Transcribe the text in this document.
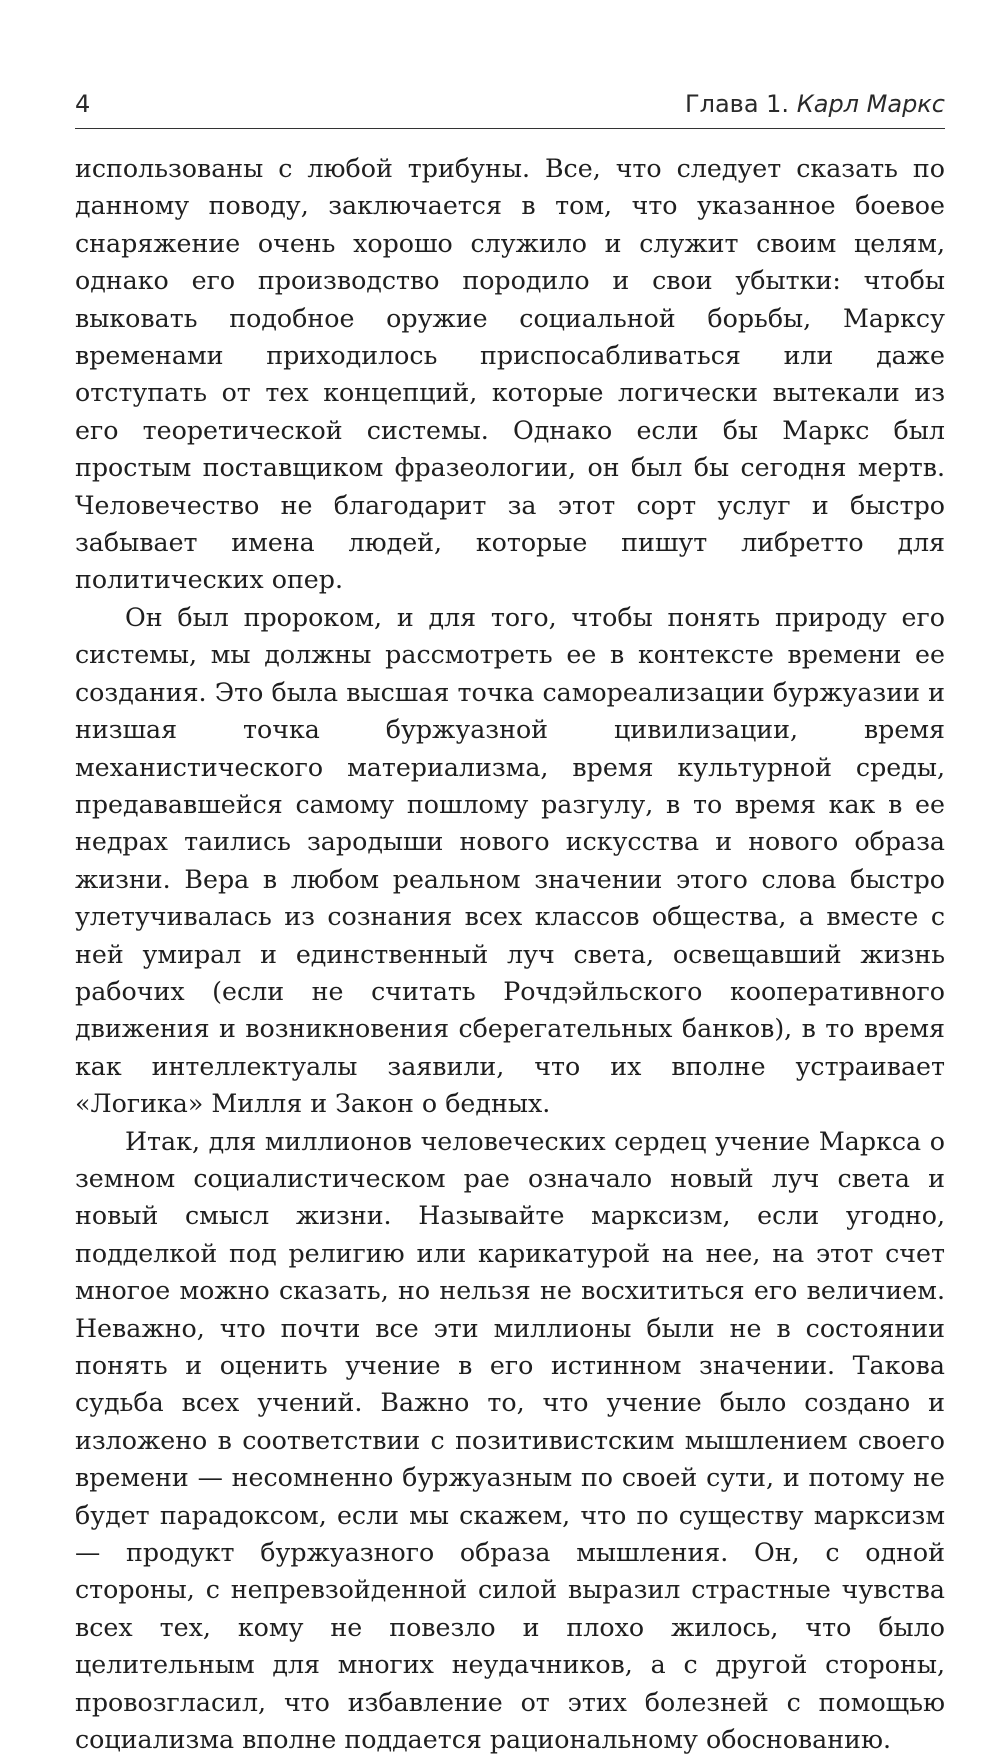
4	Глава 1. Карл Маркс

использованы с любой трибуны. Все, что следует сказать по данному поводу, заключается в том, что указанное боевое снаряжение очень хорошо служило и служит своим целям, однако его производство породило и свои убытки: чтобы выковать подобное оружие социальной борьбы, Марксу временами приходилось приспосабливаться или даже отступать от тех концепций, которые логически вытекали из его теоретической системы. Однако если бы Маркс был простым поставщиком фразеологии, он был бы сегодня мертв. Человечество не благодарит за этот сорт услуг и быстро забывает имена людей, которые пишут либретто для политических опер.

Он был пророком, и для того, чтобы понять природу его системы, мы должны рассмотреть ее в контексте времени ее создания. Это была высшая точка самореализации буржуазии и низшая точка буржуазной цивилизации, время механистического материализма, время культурной среды, предававшейся самому пошлому разгулу, в то время как в ее недрах таились зародыши нового искусства и нового образа жизни. Вера в любом реальном значении этого слова быстро улетучивалась из сознания всех классов общества, а вместе с ней умирал и единственный луч света, освещавший жизнь рабочих (если не считать Рочдэйльского кооперативного движения и возникновения сберегательных банков), в то время как интеллектуалы заявили, что их вполне устраивает «Логика» Милля и Закон о бедных.

Итак, для миллионов человеческих сердец учение Маркса о земном социалистическом рае означало новый луч света и новый смысл жизни. Называйте марксизм, если угодно, подделкой под религию или карикатурой на нее, на этот счет многое можно сказать, но нельзя не восхититься его величием. Неважно, что почти все эти миллионы были не в состоянии понять и оценить учение в его истинном значении. Такова судьба всех учений. Важно то, что учение было создано и изложено в соответствии с позитивистским мышлением своего времени — несомненно буржуазным по своей сути, и потому не будет парадоксом, если мы скажем, что по существу марксизм — продукт буржуазного образа мышления. Он, с одной стороны, с непревзойденной силой выразил страстные чувства всех тех, кому не повезло и плохо жилось, что было целительным для многих неудачников, а с другой стороны, провозгласил, что избавление от этих болезней с помощью социализма вполне поддается рациональному обоснованию.
